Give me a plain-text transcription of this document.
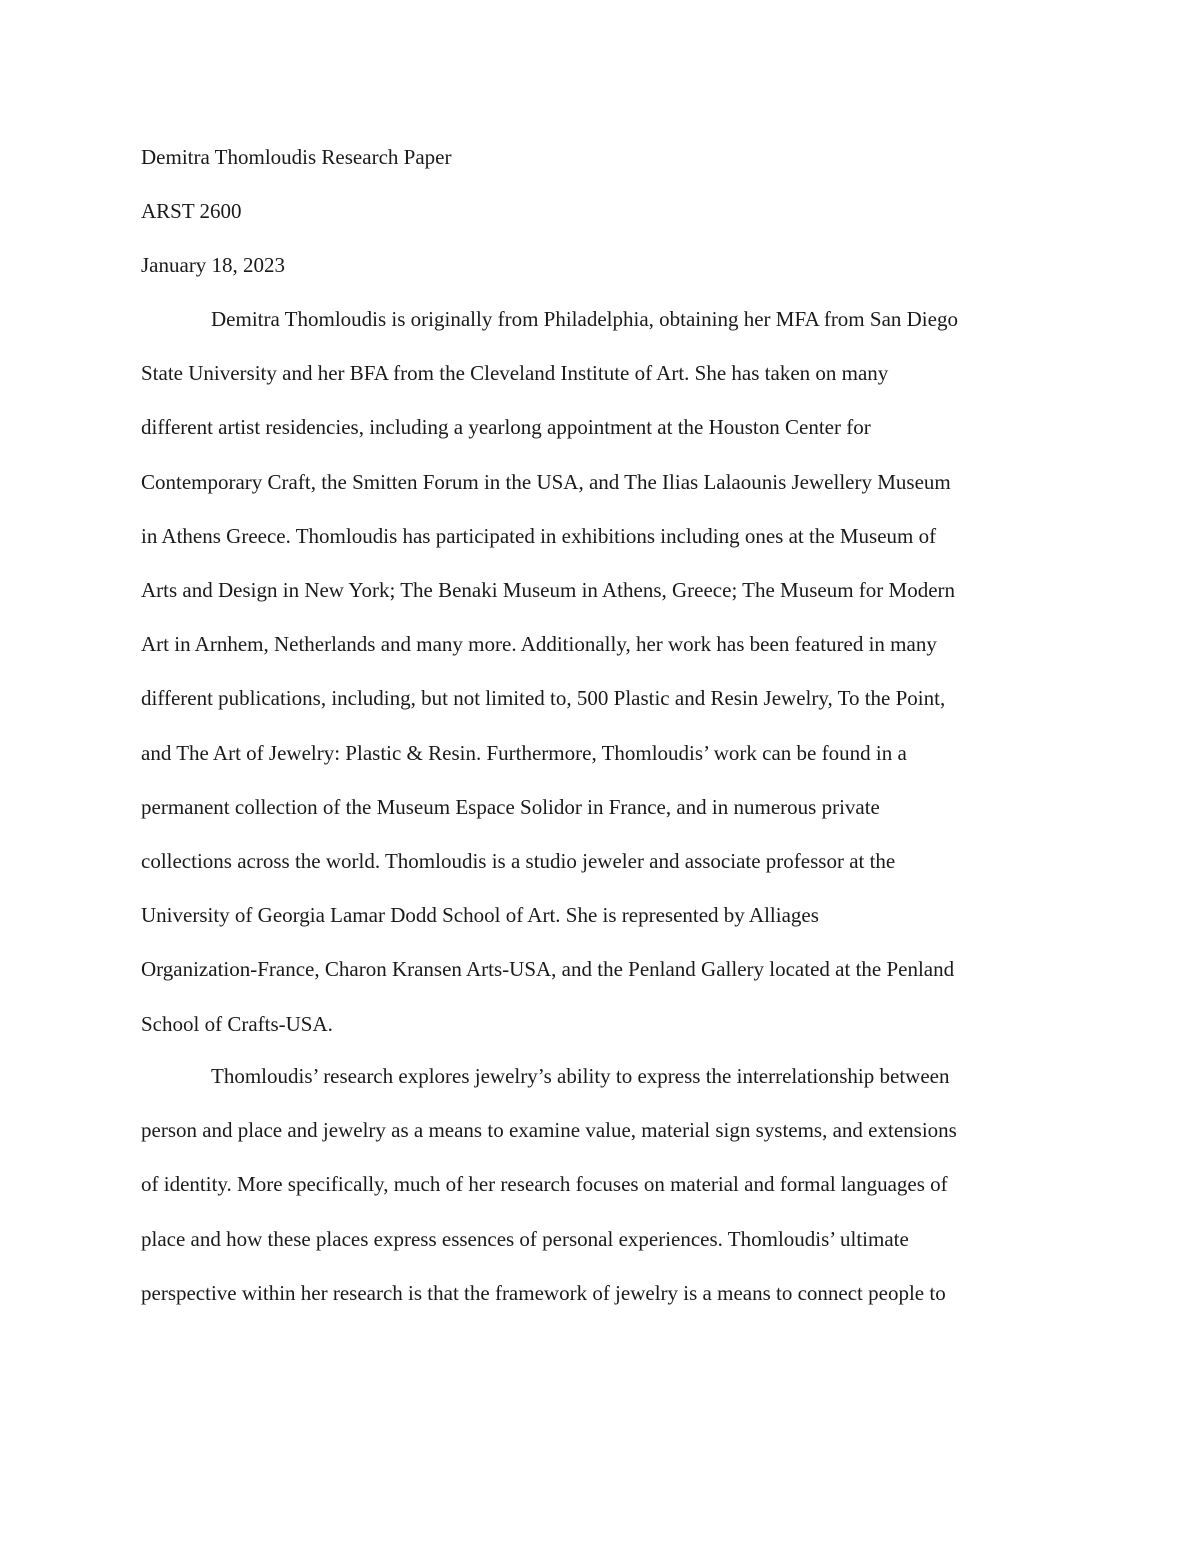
Demitra Thomloudis Research Paper
ARST 2600
January 18, 2023
Demitra Thomloudis is originally from Philadelphia, obtaining her MFA from San Diego
State University and her BFA from the Cleveland Institute of Art. She has taken on many
different artist residencies, including a yearlong appointment at the Houston Center for
Contemporary Craft, the Smitten Forum in the USA, and The Ilias Lalaounis Jewellery Museum
in Athens Greece. Thomloudis has participated in exhibitions including ones at the Museum of
Arts and Design in New York; The Benaki Museum in Athens, Greece; The Museum for Modern
Art in Arnhem, Netherlands and many more. Additionally, her work has been featured in many
different publications, including, but not limited to, 500 Plastic and Resin Jewelry, To the Point,
and The Art of Jewelry: Plastic & Resin. Furthermore, Thomloudis’ work can be found in a
permanent collection of the Museum Espace Solidor in France, and in numerous private
collections across the world. Thomloudis is a studio jeweler and associate professor at the
University of Georgia Lamar Dodd School of Art. She is represented by Alliages
Organization-France, Charon Kransen Arts-USA, and the Penland Gallery located at the Penland
School of Crafts-USA.
Thomloudis’ research explores jewelry’s ability to express the interrelationship between
person and place and jewelry as a means to examine value, material sign systems, and extensions
of identity. More specifically, much of her research focuses on material and formal languages of
place and how these places express essences of personal experiences. Thomloudis’ ultimate
perspective within her research is that the framework of jewelry is a means to connect people to
